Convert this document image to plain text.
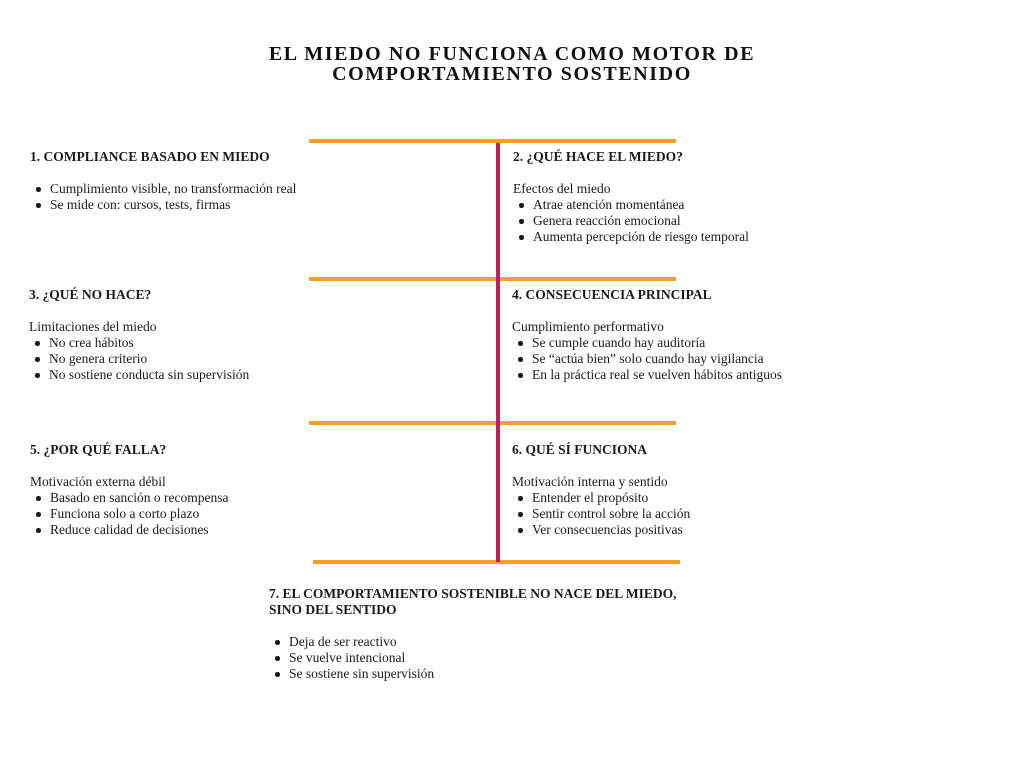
EL MIEDO NO FUNCIONA COMO MOTOR DE
COMPORTAMIENTO SOSTENIDO
1. COMPLIANCE BASADO EN MIEDO
Cumplimiento visible, no transformación real
Se mide con: cursos, tests, firmas
2. ¿QUÉ HACE EL MIEDO?
Efectos del miedo
Atrae atención momentánea
Genera reacción emocional
Aumenta percepción de riesgo temporal
3. ¿QUÉ NO HACE?
Limitaciones del miedo
No crea hábitos
No genera criterio
No sostiene conducta sin supervisión
4. CONSECUENCIA PRINCIPAL
Cumplimiento performativo
Se cumple cuando hay auditoría
Se “actúa bien” solo cuando hay vigilancia
En la práctica real se vuelven hábitos antiguos
5. ¿POR QUÉ FALLA?
Motivación externa débil
Basado en sanción o recompensa
Funciona solo a corto plazo
Reduce calidad de decisiones
6. QUÉ SÍ FUNCIONA
Motivación interna y sentido
Entender el propósito
Sentir control sobre la acción
Ver consecuencias positivas
7. EL COMPORTAMIENTO SOSTENIBLE NO NACE DEL MIEDO,
SINO DEL SENTIDO
Deja de ser reactivo
Se vuelve intencional
Se sostiene sin supervisión
